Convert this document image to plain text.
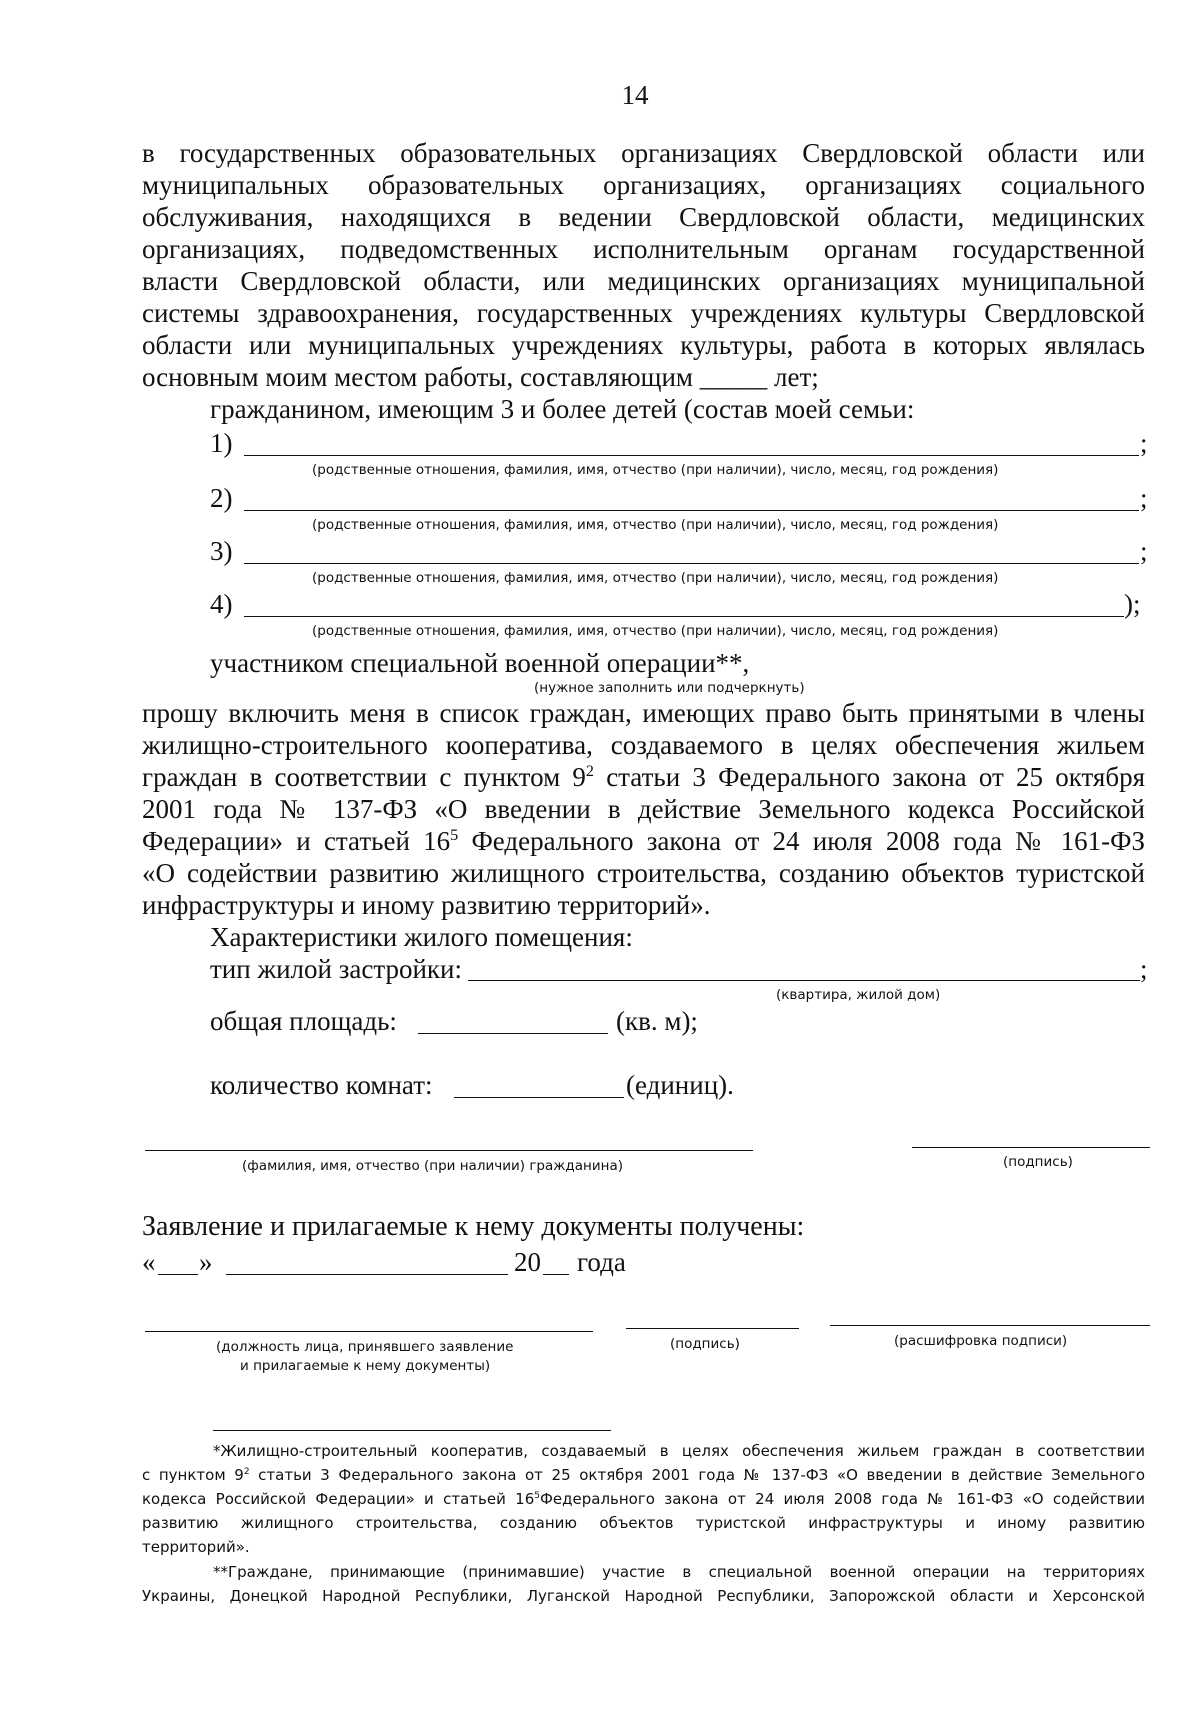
14
в государственных образовательных организациях Свердловской области или
муниципальных образовательных организациях, организациях социального
обслуживания, находящихся в ведении Свердловской области, медицинских
организациях, подведомственных исполнительным органам государственной
власти Свердловской области, или медицинских организациях муниципальной
системы здравоохранения, государственных учреждениях культуры Свердловской
области или муниципальных учреждениях культуры, работа в которых являлась
основным моим местом работы, составляющим _____ лет;
гражданином, имеющим 3 и более детей (состав моей семьи:
1)	;
(родственные отношения, фамилия, имя, отчество (при наличии), число, месяц, год рождения)
2)	;
(родственные отношения, фамилия, имя, отчество (при наличии), число, месяц, год рождения)
3)	;
(родственные отношения, фамилия, имя, отчество (при наличии), число, месяц, год рождения)
4)	);
(родственные отношения, фамилия, имя, отчество (при наличии), число, месяц, год рождения)
участником специальной военной операции**,
(нужное заполнить или подчеркнуть)
прошу включить меня в список граждан, имеющих право быть принятыми в члены
жилищно-строительного кооператива, создаваемого в целях обеспечения жильем
граждан в соответствии с пунктом $9^2$ статьи 3 Федерального закона от 25 октября
2001 года № 137-ФЗ «О введении в действие Земельного кодекса Российской
Федерации» и статьей $16^5$ Федерального закона от 24 июля 2008 года № 161-ФЗ
«О содействии развитию жилищного строительства, созданию объектов туристской
инфраструктуры и иному развитию территорий».
Характеристики жилого помещения:
тип жилой застройки:	;
(квартира, жилой дом)
общая площадь:	(кв. м);
количество комнат:	(единиц).
(фамилия, имя, отчество (при наличии) гражданина)	(подпись)
Заявление и прилагаемые к нему документы получены:
« »	20 года
(должность лица, принявшего заявление
и прилагаемые к нему документы)
(подпись)	(расшифровка подписи)
*Жилищно-строительный кооператив, создаваемый в целях обеспечения жильем граждан в соответствии
с пунктом $9^2$ статьи 3 Федерального закона от 25 октября 2001 года № 137-ФЗ «О введении в действие Земельного
кодекса Российской Федерации» и статьей $16^5Федерального$ закона от 24 июля 2008 года № 161-ФЗ «О содействии
развитию жилищного строительства, созданию объектов туристской инфраструктуры и иному развитию
территорий».
**Граждане, принимающие (принимавшие) участие в специальной военной операции на территориях
Украины, Донецкой Народной Республики, Луганской Народной Республики, Запорожской области и Херсонской
